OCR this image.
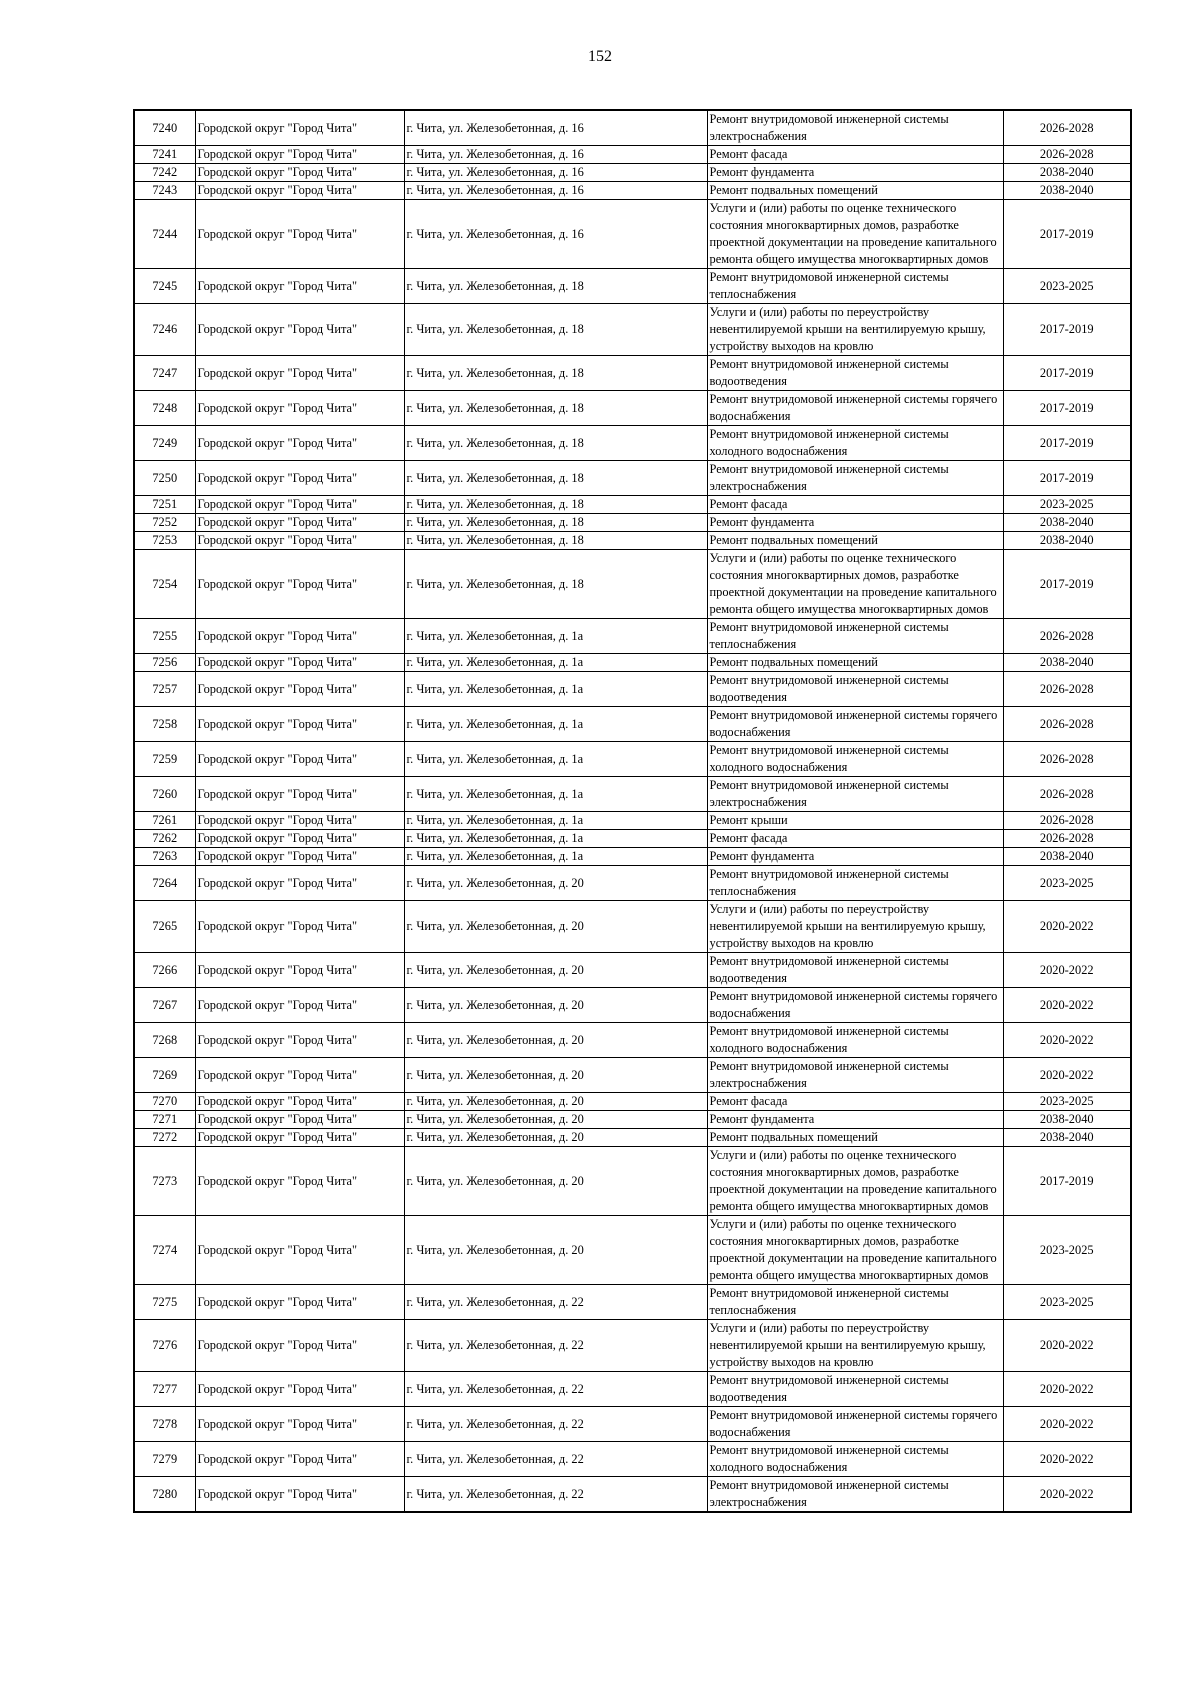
152
7240	Городской округ "Город Чита"	г. Чита, ул. Железобетонная, д. 16	Ремонт внутридомовой инженерной системы электроснабжения	2026-2028
7241	Городской округ "Город Чита"	г. Чита, ул. Железобетонная, д. 16	Ремонт фасада	2026-2028
7242	Городской округ "Город Чита"	г. Чита, ул. Железобетонная, д. 16	Ремонт фундамента	2038-2040
7243	Городской округ "Город Чита"	г. Чита, ул. Железобетонная, д. 16	Ремонт подвальных помещений	2038-2040
7244	Городской округ "Город Чита"	г. Чита, ул. Железобетонная, д. 16	Услуги и (или) работы по оценке технического состояния многоквартирных домов, разработке проектной документации на проведение капитального ремонта общего имущества многоквартирных домов	2017-2019
7245	Городской округ "Город Чита"	г. Чита, ул. Железобетонная, д. 18	Ремонт внутридомовой инженерной системы теплоснабжения	2023-2025
7246	Городской округ "Город Чита"	г. Чита, ул. Железобетонная, д. 18	Услуги и (или) работы по переустройству невентилируемой крыши на вентилируемую крышу, устройству выходов на кровлю	2017-2019
7247	Городской округ "Город Чита"	г. Чита, ул. Железобетонная, д. 18	Ремонт внутридомовой инженерной системы водоотведения	2017-2019
7248	Городской округ "Город Чита"	г. Чита, ул. Железобетонная, д. 18	Ремонт внутридомовой инженерной системы горячего водоснабжения	2017-2019
7249	Городской округ "Город Чита"	г. Чита, ул. Железобетонная, д. 18	Ремонт внутридомовой инженерной системы холодного водоснабжения	2017-2019
7250	Городской округ "Город Чита"	г. Чита, ул. Железобетонная, д. 18	Ремонт внутридомовой инженерной системы электроснабжения	2017-2019
7251	Городской округ "Город Чита"	г. Чита, ул. Железобетонная, д. 18	Ремонт фасада	2023-2025
7252	Городской округ "Город Чита"	г. Чита, ул. Железобетонная, д. 18	Ремонт фундамента	2038-2040
7253	Городской округ "Город Чита"	г. Чита, ул. Железобетонная, д. 18	Ремонт подвальных помещений	2038-2040
7254	Городской округ "Город Чита"	г. Чита, ул. Железобетонная, д. 18	Услуги и (или) работы по оценке технического состояния многоквартирных домов, разработке проектной документации на проведение капитального ремонта общего имущества многоквартирных домов	2017-2019
7255	Городской округ "Город Чита"	г. Чита, ул. Железобетонная, д. 1а	Ремонт внутридомовой инженерной системы теплоснабжения	2026-2028
7256	Городской округ "Город Чита"	г. Чита, ул. Железобетонная, д. 1а	Ремонт подвальных помещений	2038-2040
7257	Городской округ "Город Чита"	г. Чита, ул. Железобетонная, д. 1а	Ремонт внутридомовой инженерной системы водоотведения	2026-2028
7258	Городской округ "Город Чита"	г. Чита, ул. Железобетонная, д. 1а	Ремонт внутридомовой инженерной системы горячего водоснабжения	2026-2028
7259	Городской округ "Город Чита"	г. Чита, ул. Железобетонная, д. 1а	Ремонт внутридомовой инженерной системы холодного водоснабжения	2026-2028
7260	Городской округ "Город Чита"	г. Чита, ул. Железобетонная, д. 1а	Ремонт внутридомовой инженерной системы электроснабжения	2026-2028
7261	Городской округ "Город Чита"	г. Чита, ул. Железобетонная, д. 1а	Ремонт крыши	2026-2028
7262	Городской округ "Город Чита"	г. Чита, ул. Железобетонная, д. 1а	Ремонт фасада	2026-2028
7263	Городской округ "Город Чита"	г. Чита, ул. Железобетонная, д. 1а	Ремонт фундамента	2038-2040
7264	Городской округ "Город Чита"	г. Чита, ул. Железобетонная, д. 20	Ремонт внутридомовой инженерной системы теплоснабжения	2023-2025
7265	Городской округ "Город Чита"	г. Чита, ул. Железобетонная, д. 20	Услуги и (или) работы по переустройству невентилируемой крыши на вентилируемую крышу, устройству выходов на кровлю	2020-2022
7266	Городской округ "Город Чита"	г. Чита, ул. Железобетонная, д. 20	Ремонт внутридомовой инженерной системы водоотведения	2020-2022
7267	Городской округ "Город Чита"	г. Чита, ул. Железобетонная, д. 20	Ремонт внутридомовой инженерной системы горячего водоснабжения	2020-2022
7268	Городской округ "Город Чита"	г. Чита, ул. Железобетонная, д. 20	Ремонт внутридомовой инженерной системы холодного водоснабжения	2020-2022
7269	Городской округ "Город Чита"	г. Чита, ул. Железобетонная, д. 20	Ремонт внутридомовой инженерной системы электроснабжения	2020-2022
7270	Городской округ "Город Чита"	г. Чита, ул. Железобетонная, д. 20	Ремонт фасада	2023-2025
7271	Городской округ "Город Чита"	г. Чита, ул. Железобетонная, д. 20	Ремонт фундамента	2038-2040
7272	Городской округ "Город Чита"	г. Чита, ул. Железобетонная, д. 20	Ремонт подвальных помещений	2038-2040
7273	Городской округ "Город Чита"	г. Чита, ул. Железобетонная, д. 20	Услуги и (или) работы по оценке технического состояния многоквартирных домов, разработке проектной документации на проведение капитального ремонта общего имущества многоквартирных домов	2017-2019
7274	Городской округ "Город Чита"	г. Чита, ул. Железобетонная, д. 20	Услуги и (или) работы по оценке технического состояния многоквартирных домов, разработке проектной документации на проведение капитального ремонта общего имущества многоквартирных домов	2023-2025
7275	Городской округ "Город Чита"	г. Чита, ул. Железобетонная, д. 22	Ремонт внутридомовой инженерной системы теплоснабжения	2023-2025
7276	Городской округ "Город Чита"	г. Чита, ул. Железобетонная, д. 22	Услуги и (или) работы по переустройству невентилируемой крыши на вентилируемую крышу, устройству выходов на кровлю	2020-2022
7277	Городской округ "Город Чита"	г. Чита, ул. Железобетонная, д. 22	Ремонт внутридомовой инженерной системы водоотведения	2020-2022
7278	Городской округ "Город Чита"	г. Чита, ул. Железобетонная, д. 22	Ремонт внутридомовой инженерной системы горячего водоснабжения	2020-2022
7279	Городской округ "Город Чита"	г. Чита, ул. Железобетонная, д. 22	Ремонт внутридомовой инженерной системы холодного водоснабжения	2020-2022
7280	Городской округ "Город Чита"	г. Чита, ул. Железобетонная, д. 22	Ремонт внутридомовой инженерной системы электроснабжения	2020-2022
